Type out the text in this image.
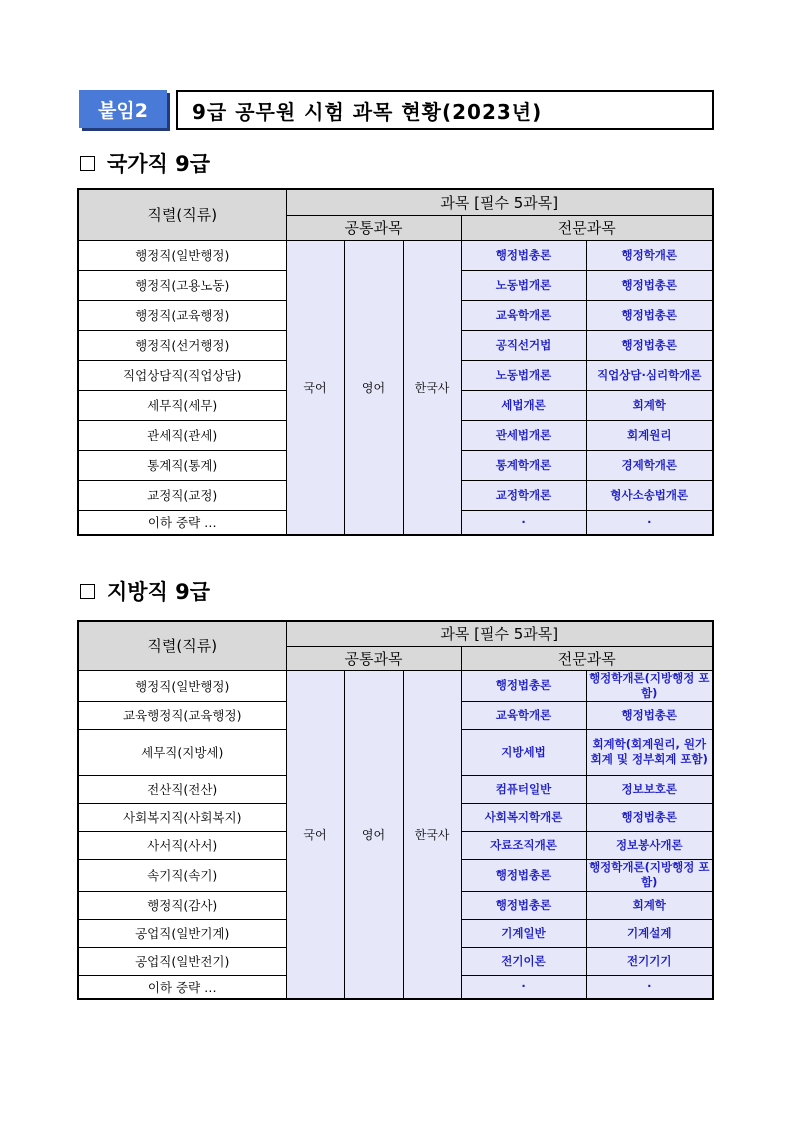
붙임2	9급 공무원 시험 과목 현황(2023년)
국가직 9급
직렬(직류)	과목 [필수 5과목]				
	공통과목			전문과목	
행정직(일반행정)	국어	영어	한국사	행정법총론	행정학개론
행정직(고용노동)				노동법개론	행정법총론
행정직(교육행정)				교육학개론	행정법총론
행정직(선거행정)				공직선거법	행정법총론
직업상담직(직업상담)				노동법개론	직업상담·심리학개론
세무직(세무)				세법개론	회계학
관세직(관세)				관세법개론	회계원리
통계직(통계)				통계학개론	경제학개론
교정직(교정)				교정학개론	형사소송법개론
이하 중략 …				·	·
지방직 9급
직렬(직류)	과목 [필수 5과목]				
	공통과목			전문과목	
행정직(일반행정)	국어	영어	한국사	행정법총론	행정학개론(지방행정 포함)
교육행정직(교육행정)				교육학개론	행정법총론
세무직(지방세)				지방세법	회계학(회계원리, 원가회계 및 정부회계 포함)
전산직(전산)				컴퓨터일반	정보보호론
사회복지직(사회복지)				사회복지학개론	행정법총론
사서직(사서)				자료조직개론	정보봉사개론
속기직(속기)				행정법총론	행정학개론(지방행정 포함)
행정직(감사)				행정법총론	회계학
공업직(일반기계)				기계일반	기계설계
공업직(일반전기)				전기이론	전기기기
이하 중략 …				·	·
